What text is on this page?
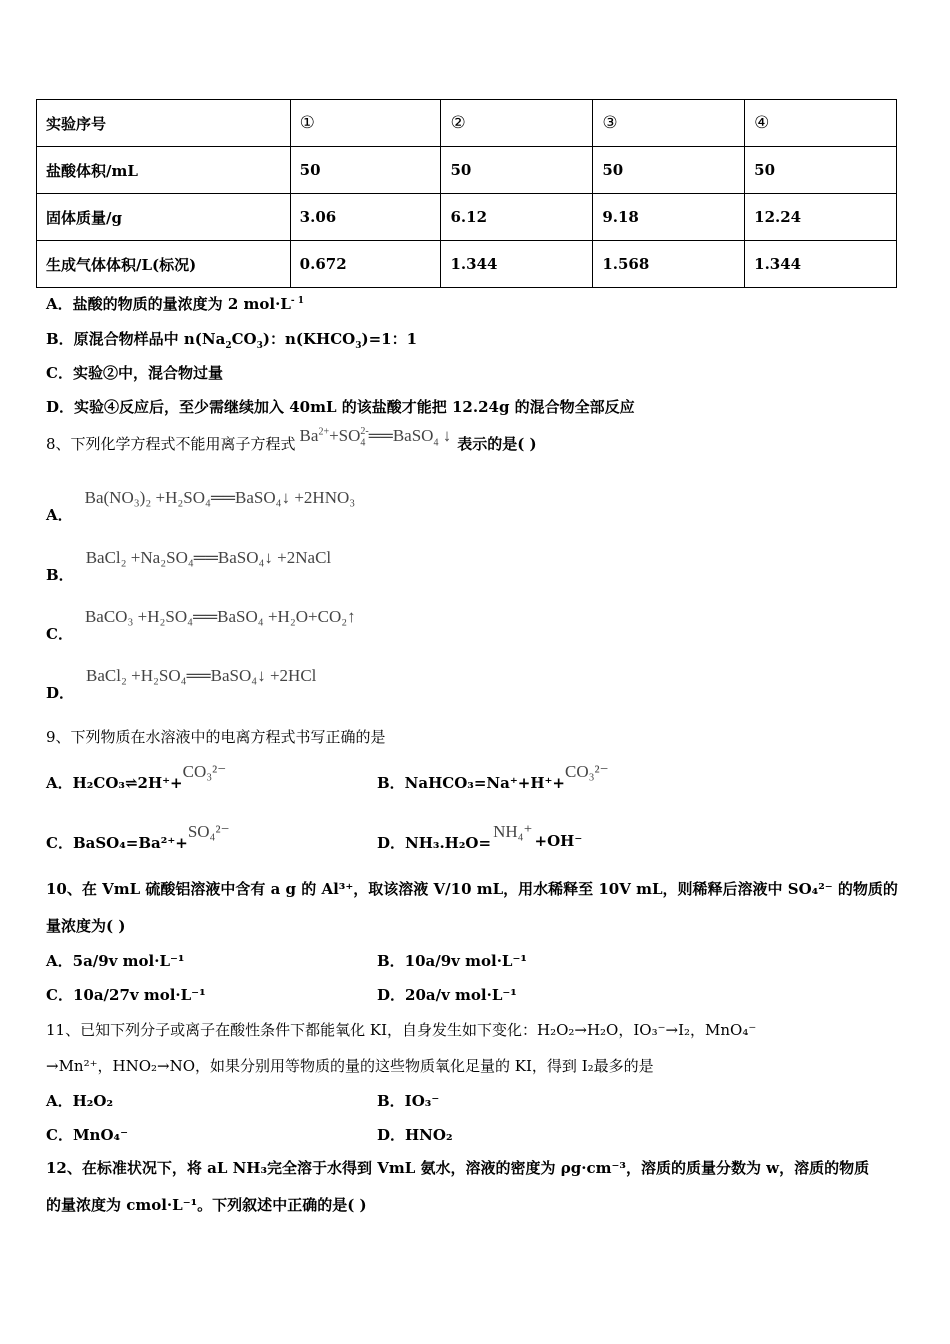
实验序号	①	②	③	④
盐酸体积/mL	50	50	50	50
固体质量/g	3.06	6.12	9.18	12.24
生成气体体积/L(标况)	0.672	1.344	1.568	1.344
A．盐酸的物质的量浓度为 2 $mol\cdot L^{- 1}$
B．原混合物样品中 $n(Na_2CO_3)$：$n(KHCO_3)=1$：1
C．实验②中，混合物过量
D．实验④反应后，至少需继续加入 40mL 的该盐酸才能把 12.24g 的混合物全部反应
8、下列化学方程式不能用离子方程式 $Ba^{2+}+SO_4^{2-}══BaSO_4$ ↓ 表示的是( )
A．
Ba(NO₃)₂ +H₂SO₄══BaSO₄↓ +2HNO₃
B．
BaCl₂ +Na₂SO₄══BaSO₄↓ +2NaCl
C．
BaCO₃ +H₂SO₄══BaSO₄ +H₂O+CO₂↑
D．
BaCl₂ +H₂SO₄══BaSO₄↓ +2HCl
9、下列物质在水溶液中的电离方程式书写正确的是
A．H₂CO₃⇌2H⁺+
CO₃²⁻
B．NaHCO₃=Na⁺+H⁺+
CO₃²⁻
C．BaSO₄=Ba²⁺+
SO₄²⁻
D．NH₃.H₂O=
NH₄⁺ +OH⁻
10、在 VmL 硫酸铝溶液中含有 a g 的 Al³⁺，取该溶液 V/10 mL，用水稀释至 10V mL，则稀释后溶液中 SO₄²⁻ 的物质的
量浓度为( )
A．5a/9v mol·L⁻¹	B．10a/9v mol·L⁻¹
C．10a/27v mol·L⁻¹	D．20a/v mol·L⁻¹
11、已知下列分子或离子在酸性条件下都能氧化 KI，自身发生如下变化：H₂O₂→H₂O，IO₃⁻→I₂，MnO₄⁻
→Mn²⁺，HNO₂→NO，如果分别用等物质的量的这些物质氧化足量的 KI，得到 I₂最多的是
A．H₂O₂	B．IO₃⁻
C．MnO₄⁻	D．HNO₂
12、在标准状况下，将 aL NH₃完全溶于水得到 VmL 氨水，溶液的密度为 ρg·cm⁻³，溶质的质量分数为 w，溶质的物质
的量浓度为 cmol·L⁻¹。下列叙述中正确的是( )
